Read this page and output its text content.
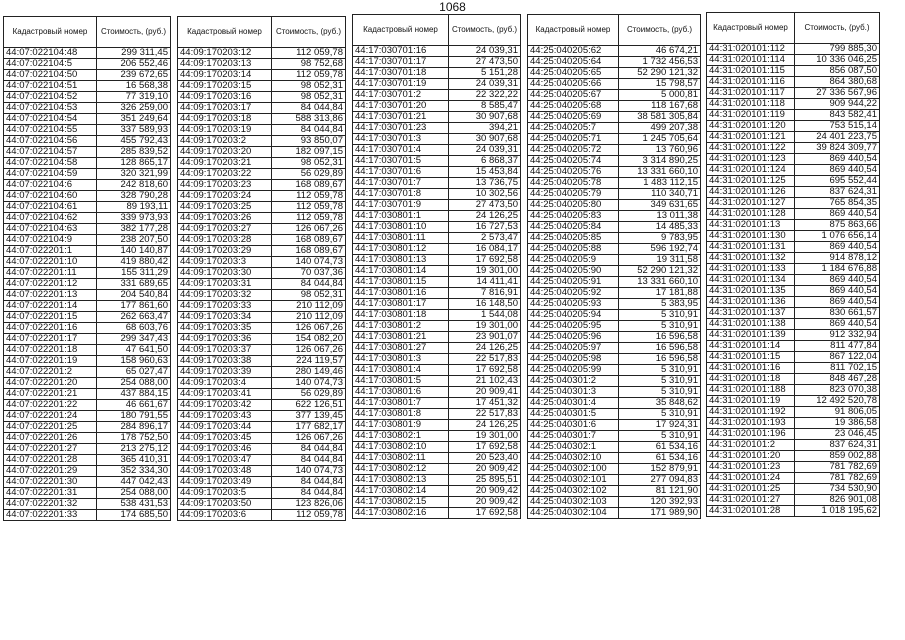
1068
Кадастровый номер	Стоимость, (руб.)
44:07:022104:48	299 311,45
44:07:022104:5	206 552,46
44:07:022104:50	239 672,65
44:07:022104:51	16 568,38
44:07:022104:52	77 319,10
44:07:022104:53	326 259,00
44:07:022104:54	351 249,64
44:07:022104:55	337 589,93
44:07:022104:56	455 792,43
44:07:022104:57	285 839,52
44:07:022104:58	128 865,17
44:07:022104:59	320 321,99
44:07:022104:6	242 818,60
44:07:022104:60	328 790,28
44:07:022104:61	89 193,11
44:07:022104:62	339 973,93
44:07:022104:63	382 177,28
44:07:022104:9	238 207,50
44:07:022201:1	140 140,87
44:07:022201:10	419 880,42
44:07:022201:11	155 311,29
44:07:022201:12	331 689,65
44:07:022201:13	204 540,84
44:07:022201:14	177 861,60
44:07:022201:15	262 663,47
44:07:022201:16	68 603,76
44:07:022201:17	299 347,43
44:07:022201:18	47 641,50
44:07:022201:19	158 960,63
44:07:022201:2	65 027,47
44:07:022201:20	254 088,00
44:07:022201:21	437 884,15
44:07:022201:22	46 661,67
44:07:022201:24	180 791,55
44:07:022201:25	284 896,17
44:07:022201:26	178 752,50
44:07:022201:27	213 275,12
44:07:022201:28	365 410,31
44:07:022201:29	352 334,30
44:07:022201:30	447 042,43
44:07:022201:31	254 088,00
44:07:022201:32	538 431,53
44:07:022201:33	174 685,50
Кадастровый номер	Стоимость, (руб.)
44:09:170203:12	112 059,78
44:09:170203:13	98 752,68
44:09:170203:14	112 059,78
44:09:170203:15	98 052,31
44:09:170203:16	98 052,31
44:09:170203:17	84 044,84
44:09:170203:18	588 313,86
44:09:170203:19	84 044,84
44:09:170203:2	93 850,07
44:09:170203:20	182 097,15
44:09:170203:21	98 052,31
44:09:170203:22	56 029,89
44:09:170203:23	168 089,67
44:09:170203:24	112 059,78
44:09:170203:25	112 059,78
44:09:170203:26	112 059,78
44:09:170203:27	126 067,26
44:09:170203:28	168 089,67
44:09:170203:29	168 089,67
44:09:170203:3	140 074,73
44:09:170203:30	70 037,36
44:09:170203:31	84 044,84
44:09:170203:32	98 052,31
44:09:170203:33	210 112,09
44:09:170203:34	210 112,09
44:09:170203:35	126 067,26
44:09:170203:36	154 082,20
44:09:170203:37	126 067,26
44:09:170203:38	224 119,57
44:09:170203:39	280 149,46
44:09:170203:4	140 074,73
44:09:170203:41	56 029,89
44:09:170203:42	622 126,51
44:09:170203:43	377 139,45
44:09:170203:44	177 682,17
44:09:170203:45	126 067,26
44:09:170203:46	84 044,84
44:09:170203:47	84 044,84
44:09:170203:48	140 074,73
44:09:170203:49	84 044,84
44:09:170203:5	84 044,84
44:09:170203:50	123 826,06
44:09:170203:6	112 059,78
Кадастровый номер	Стоимость, (руб.)
44:17:030701:16	24 039,31
44:17:030701:17	27 473,50
44:17:030701:18	5 151,28
44:17:030701:19	24 039,31
44:17:030701:2	22 322,22
44:17:030701:20	8 585,47
44:17:030701:21	30 907,68
44:17:030701:23	394,21
44:17:030701:3	30 907,68
44:17:030701:4	24 039,31
44:17:030701:5	6 868,37
44:17:030701:6	15 453,84
44:17:030701:7	13 736,75
44:17:030701:8	10 302,56
44:17:030701:9	27 473,50
44:17:030801:1	24 126,25
44:17:030801:10	16 727,53
44:17:030801:11	2 573,47
44:17:030801:12	16 084,17
44:17:030801:13	17 692,58
44:17:030801:14	19 301,00
44:17:030801:15	14 411,41
44:17:030801:16	7 816,91
44:17:030801:17	16 148,50
44:17:030801:18	1 544,08
44:17:030801:2	19 301,00
44:17:030801:21	23 901,07
44:17:030801:27	24 126,25
44:17:030801:3	22 517,83
44:17:030801:4	17 692,58
44:17:030801:5	21 102,43
44:17:030801:6	20 909,41
44:17:030801:7	17 451,32
44:17:030801:8	22 517,83
44:17:030801:9	24 126,25
44:17:030802:1	19 301,00
44:17:030802:10	17 692,58
44:17:030802:11	20 523,40
44:17:030802:12	20 909,42
44:17:030802:13	25 895,51
44:17:030802:14	20 909,42
44:17:030802:15	20 909,42
44:17:030802:16	17 692,58
Кадастровый номер	Стоимость, (руб.)
44:25:040205:62	46 674,21
44:25:040205:64	1 732 456,53
44:25:040205:65	52 290 121,32
44:25:040205:66	15 798,57
44:25:040205:67	5 000,81
44:25:040205:68	118 167,68
44:25:040205:69	38 581 305,84
44:25:040205:7	499 207,38
44:25:040205:71	1 245 705,64
44:25:040205:72	13 760,96
44:25:040205:74	3 314 890,25
44:25:040205:76	13 331 660,10
44:25:040205:78	1 483 112,15
44:25:040205:79	110 340,71
44:25:040205:80	349 631,65
44:25:040205:83	13 011,38
44:25:040205:84	14 485,33
44:25:040205:85	9 783,95
44:25:040205:88	596 192,74
44:25:040205:9	19 311,58
44:25:040205:90	52 290 121,32
44:25:040205:91	13 331 660,10
44:25:040205:92	17 181,88
44:25:040205:93	5 383,95
44:25:040205:94	5 310,91
44:25:040205:95	5 310,91
44:25:040205:96	16 596,58
44:25:040205:97	16 596,58
44:25:040205:98	16 596,58
44:25:040205:99	5 310,91
44:25:040301:2	5 310,91
44:25:040301:3	5 310,91
44:25:040301:4	35 848,62
44:25:040301:5	5 310,91
44:25:040301:6	17 924,31
44:25:040301:7	5 310,91
44:25:040302:1	61 534,16
44:25:040302:10	61 534,16
44:25:040302:100	152 879,91
44:25:040302:101	277 094,83
44:25:040302:102	81 121,90
44:25:040302:103	120 392,93
44:25:040302:104	171 989,90
Кадастровый номер	Стоимость, (руб.)
44:31:020101:112	799 885,30
44:31:020101:114	10 336 046,25
44:31:020101:115	856 087,50
44:31:020101:116	864 380,68
44:31:020101:117	27 336 567,96
44:31:020101:118	909 944,22
44:31:020101:119	843 582,41
44:31:020101:120	753 515,14
44:31:020101:121	24 401 223,75
44:31:020101:122	39 824 309,77
44:31:020101:123	869 440,54
44:31:020101:124	869 440,54
44:31:020101:125	695 552,44
44:31:020101:126	837 624,31
44:31:020101:127	765 854,35
44:31:020101:128	869 440,54
44:31:020101:13	875 863,66
44:31:020101:130	1 076 656,14
44:31:020101:131	869 440,54
44:31:020101:132	914 878,12
44:31:020101:133	1 184 676,88
44:31:020101:134	869 440,54
44:31:020101:135	869 440,54
44:31:020101:136	869 440,54
44:31:020101:137	830 661,57
44:31:020101:138	869 440,54
44:31:020101:139	912 332,94
44:31:020101:14	811 477,84
44:31:020101:15	867 122,04
44:31:020101:16	811 702,15
44:31:020101:18	848 467,28
44:31:020101:188	823 070,38
44:31:020101:19	12 492 520,78
44:31:020101:192	91 806,05
44:31:020101:193	19 386,58
44:31:020101:196	23 046,45
44:31:020101:2	837 624,31
44:31:020101:20	859 002,88
44:31:020101:23	781 782,69
44:31:020101:24	781 782,69
44:31:020101:25	734 530,90
44:31:020101:27	826 901,08
44:31:020101:28	1 018 195,62
